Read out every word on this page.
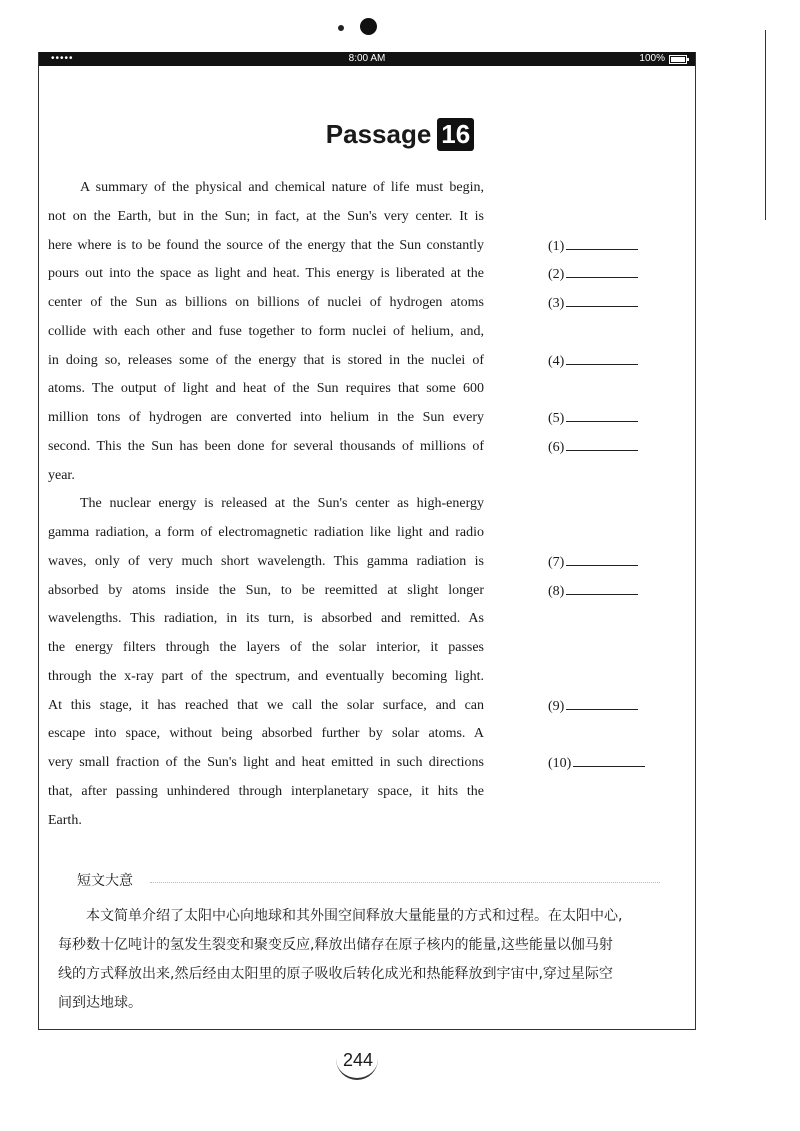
•••••	8:00 AM	100%
Passage 16
A summary of the physical and chemical nature of life must begin,
not on the Earth, but in the Sun; in fact, at the Sun's very center. It is
here where is to be found the source of the energy that the Sun constantly
pours out into the space as light and heat. This energy is liberated at the
center of the Sun as billions on billions of nuclei of hydrogen atoms
collide with each other and fuse together to form nuclei of helium, and,
in doing so, releases some of the energy that is stored in the nuclei of
atoms. The output of light and heat of the Sun requires that some 600
million tons of hydrogen are converted into helium in the Sun every
second. This the Sun has been done for several thousands of millions of
year.
The nuclear energy is released at the Sun's center as high-energy
gamma radiation, a form of electromagnetic radiation like light and radio
waves, only of very much short wavelength. This gamma radiation is
absorbed by atoms inside the Sun, to be reemitted at slight longer
wavelengths. This radiation, in its turn, is absorbed and remitted. As
the energy filters through the layers of the solar interior, it passes
through the x-ray part of the spectrum, and eventually becoming light.
At this stage, it has reached that we call the solar surface, and can
escape into space, without being absorbed further by solar atoms. A
very small fraction of the Sun's light and heat emitted in such directions
that, after passing unhindered through interplanetary space, it hits the
Earth.
(1)
(2)
(3)
(4)
(5)
(6)
(7)
(8)
(9)
(10)
短文大意
　　本文简单介绍了太阳中心向地球和其外围空间释放大量能量的方式和过程。在太阳中心,
每秒数十亿吨计的氢发生裂变和聚变反应,释放出储存在原子核内的能量,这些能量以伽马射
线的方式释放出来,然后经由太阳里的原子吸收后转化成光和热能释放到宇宙中,穿过星际空
间到达地球。
244
